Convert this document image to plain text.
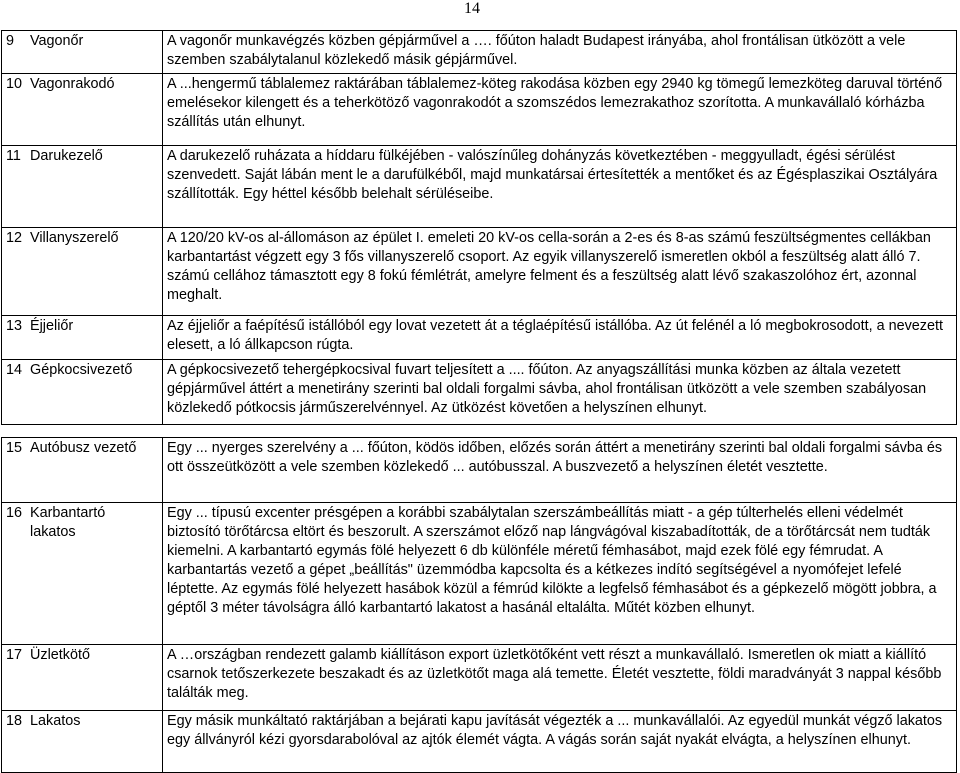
14
9 Vagonőr	A vagonőr munkavégzés közben gépjárművel a …. főúton haladt Budapest irányába, ahol frontálisan ütközött a vele szemben szabálytalanul közlekedő másik gépjárművel.
10 Vagonrakodó	A ...hengermű táblalemez raktárában táblalemez-köteg rakodása közben egy 2940 kg tömegű lemezköteg daruval történő emelésekor kilengett és a teherkötöző vagonrakodót a szomszédos lemezrakathoz szorította. A munkavállaló kórházba szállítás után elhunyt.
11 Darukezelő	A darukezelő ruházata a híddaru fülkéjében - valószínűleg dohányzás következtében - meggyulladt, égési sérülést szenvedett. Saját lábán ment le a darufülkéből, majd munkatársai értesítették a mentőket és az Égésplaszikai Osztályára szállították. Egy héttel később belehalt sérüléseibe.
12 Villanyszerelő	A 120/20 kV-os al-állomáson az épület I. emeleti 20 kV-os cella-során a 2-es és 8-as számú feszültségmentes cellákban karbantartást végzett egy 3 fős villanyszerelő csoport. Az egyik villanyszerelő ismeretlen okból a feszültség alatt álló 7. számú cellához támasztott egy 8 fokú fémlétrát, amelyre felment és a feszültség alatt lévő szakaszolóhoz ért, azonnal meghalt.
13 Éjjeliőr	Az éjjeliőr a faépítésű istállóból egy lovat vezetett át a téglaépítésű istállóba. Az út felénél a ló megbokrosodott, a nevezett elesett, a ló állkapcson rúgta.
14 Gépkocsivezető	A gépkocsivezető tehergépkocsival fuvart teljesített a .... főúton. Az anyagszállítási munka közben az általa vezetett gépjárművel áttért a menetirány szerinti bal oldali forgalmi sávba, ahol frontálisan ütközött a vele szemben szabályosan közlekedő pótkocsis járműszerelvénnyel. Az ütközést követően a helyszínen elhunyt.

15 Autóbusz vezető	Egy ... nyerges szerelvény a ... főúton, ködös időben, előzés során áttért a menetirány szerinti bal oldali forgalmi sávba és ott összeütközött a vele szemben közlekedő ... autóbusszal. A buszvezető a helyszínen életét vesztette.
16 Karbantartó lakatos	Egy ... típusú excenter présgépen a korábbi szabálytalan szerszámbeállítás miatt - a gép túlterhelés elleni védelmét biztosító törőtárcsa eltört és beszorult. A szerszámot előző nap lángvágóval kiszabadították, de a törőtárcsát nem tudták kiemelni. A karbantartó egymás fölé helyezett 6 db különféle méretű fémhasábot, majd ezek fölé egy fémrudat. A karbantartás vezető a gépet „beállítás" üzemmódba kapcsolta és a kétkezes indító segítségével a nyomófejet lefelé léptette. Az egymás fölé helyezett hasábok közül a fémrúd kilökte a legfelső fémhasábot és a gépkezelő mögött jobbra, a géptől 3 méter távolságra álló karbantartó lakatost a hasánál eltalálta. Műtét közben elhunyt.
17 Üzletkötő	A …országban rendezett galamb kiállításon export üzletkötőként vett részt a munkavállaló. Ismeretlen ok miatt a kiállító csarnok tetőszerkezete beszakadt és az üzletkötőt maga alá temette. Életét vesztette, földi maradványát 3 nappal később találták meg.
18 Lakatos	Egy másik munkáltató raktárjában a bejárati kapu javítását végezték a ... munkavállalói. Az egyedül munkát végző lakatos egy állványról kézi gyorsdarabolóval az ajtók élemét vágta. A vágás során saját nyakát elvágta, a helyszínen elhunyt.
